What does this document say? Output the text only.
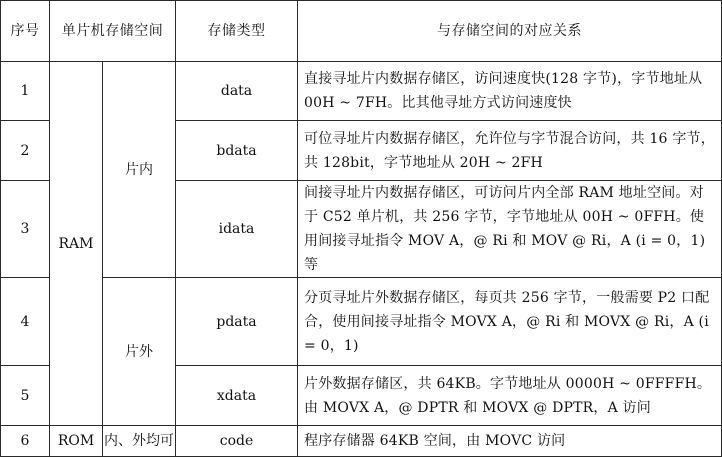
序号	单片机存储空间		存储类型	与存储空间的对应关系
1	RAM	片内	data	直接寻址片内数据存储区，访问速度快(128 字节)，字节地址从 00H ~ 7FH。比其他寻址方式访问速度快
2			bdata	可位寻址片内数据存储区，允许位与字节混合访问，共 16 字节，共 128bit，字节地址从 20H ~ 2FH
3			idata	间接寻址片内数据存储区，可访问片内全部 RAM 地址空间。对于 C52 单片机，共 256 字节，字节地址从 00H ~ 0FFH。使用间接寻址指令 MOV A，@ Ri 和 MOV @ Ri，A (i = 0，1)等
4		片外	pdata	分页寻址片外数据存储区，每页共 256 字节，一般需要 P2 口配合，使用间接寻址指令 MOVX A，@ Ri 和 MOVX @ Ri，A (i = 0，1)
5			xdata	片外数据存储区，共 64KB。字节地址从 0000H ~ 0FFFFH。由 MOVX A，@ DPTR 和 MOVX @ DPTR，A 访问
6	ROM	内、外均可	code	程序存储器 64KB 空间，由 MOVC 访问
